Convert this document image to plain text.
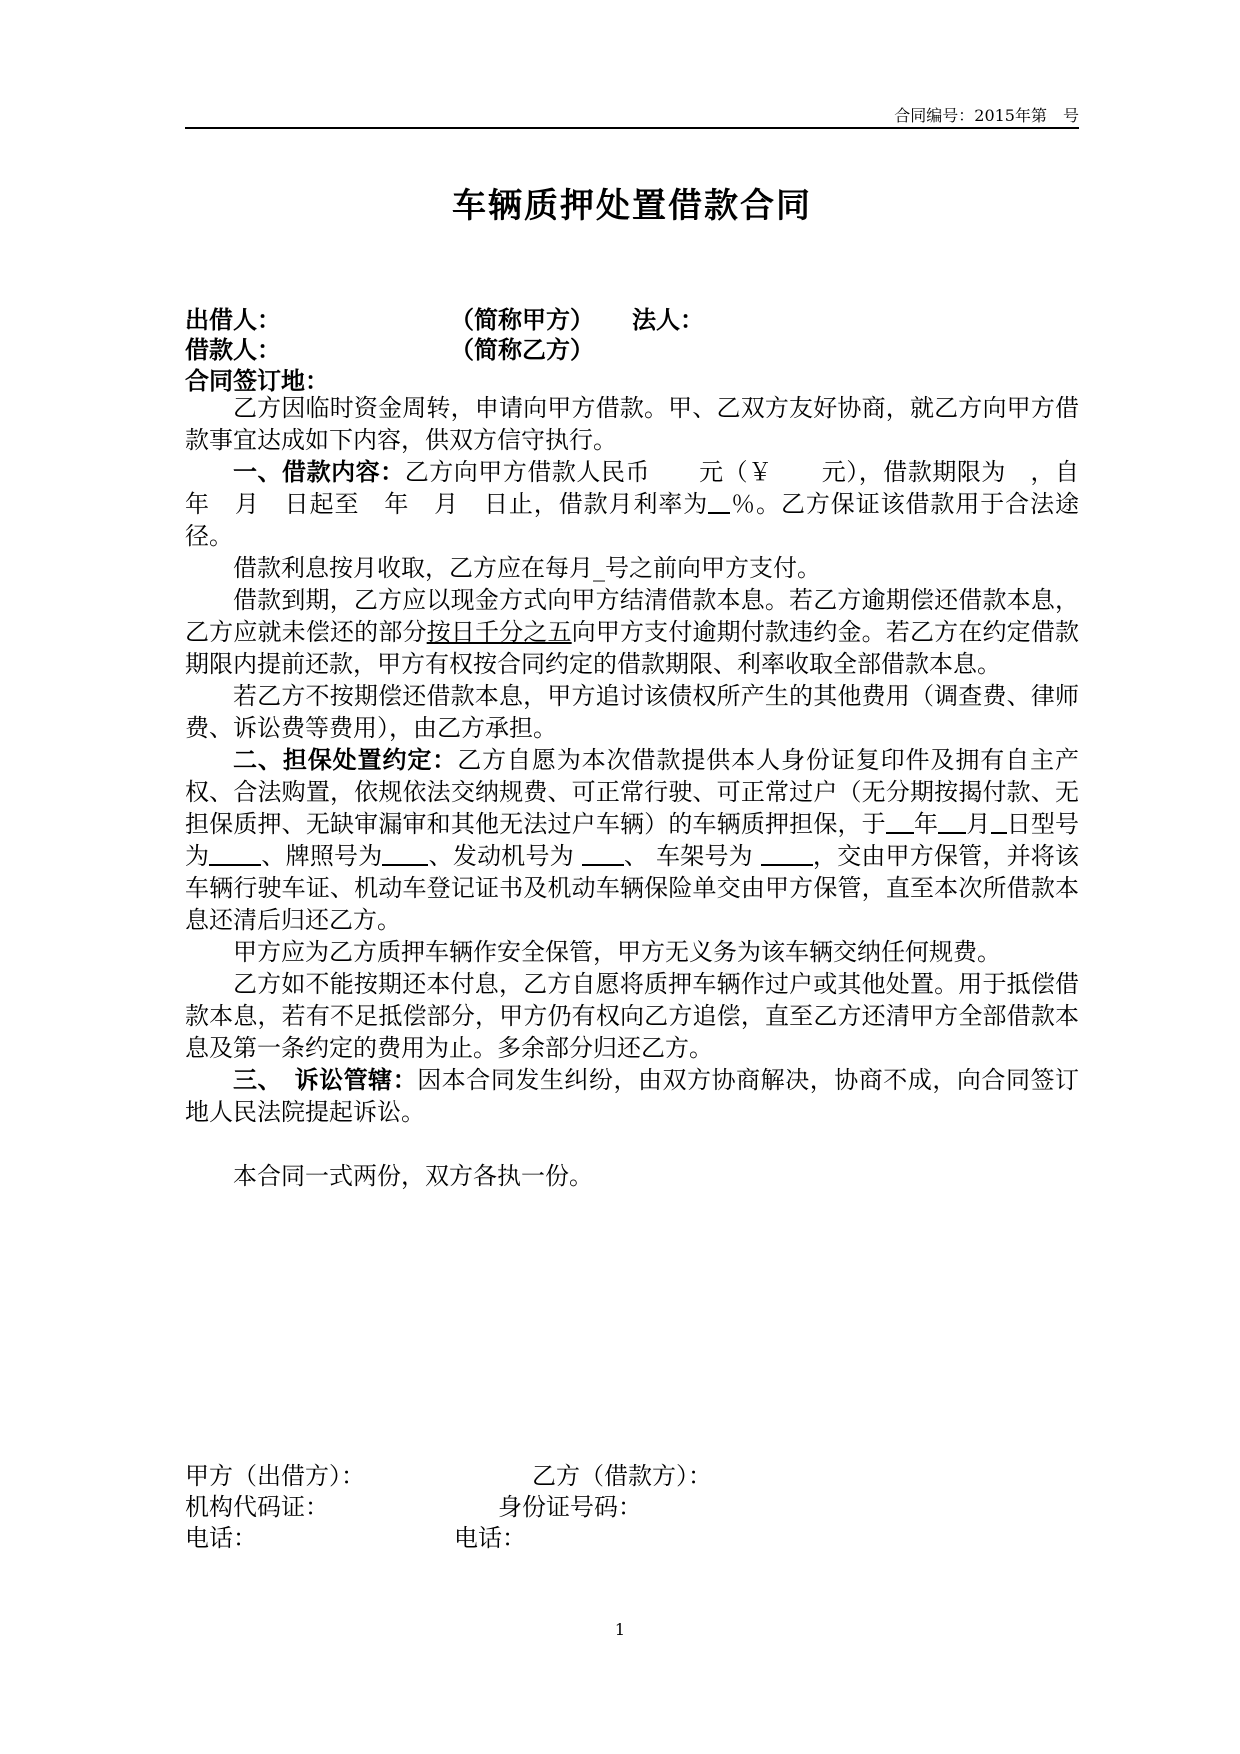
合同编号：2015年第　号
车辆质押处置借款合同
出借人：	（简称甲方） 法人：
借款人：	（简称乙方）
合同签订地：

乙方因临时资金周转，申请向甲方借款。甲、乙双方友好协商，就乙方向甲方借款事宜达成如下内容，供双方信守执行。

一、借款内容：乙方向甲方借款人民币　　元（￥　　元），借款期限为　，自　年　月　日起至　年　月　日止，借款月利率为 ％。乙方保证该借款用于合法途径。

借款利息按月收取，乙方应在每月_号之前向甲方支付。

借款到期，乙方应以现金方式向甲方结清借款本息。若乙方逾期偿还借款本息，乙方应就未偿还的部分按日千分之五向甲方支付逾期付款违约金。若乙方在约定借款期限内提前还款，甲方有权按合同约定的借款期限、利率收取全部借款本息。

若乙方不按期偿还借款本息，甲方追讨该债权所产生的其他费用（调查费、律师费、诉讼费等费用），由乙方承担。

二、担保处置约定：乙方自愿为本次借款提供本人身份证复印件及拥有自主产权、合法购置，依规依法交纳规费、可正常行驶、可正常过户（无分期按揭付款、无担保质押、无缺审漏审和其他无法过户车辆）的车辆质押担保，于 年 月 日型号为 、牌照号为 、发动机号为 、 车架号为 ，交由甲方保管，并将该车辆行驶车证、机动车登记证书及机动车辆保险单交由甲方保管，直至本次所借款本息还清后归还乙方。

甲方应为乙方质押车辆作安全保管，甲方无义务为该车辆交纳任何规费。

乙方如不能按期还本付息，乙方自愿将质押车辆作过户或其他处置。用于抵偿借款本息，若有不足抵偿部分，甲方仍有权向乙方追偿，直至乙方还清甲方全部借款本息及第一条约定的费用为止。多余部分归还乙方。

三、　诉讼管辖：因本合同发生纠纷，由双方协商解决，协商不成，向合同签订地人民法院提起诉讼。

本合同一式两份，双方各执一份。

甲方（出借方）：	乙方（借款方）：
机构代码证：	身份证号码：
电话：	电话：
1
